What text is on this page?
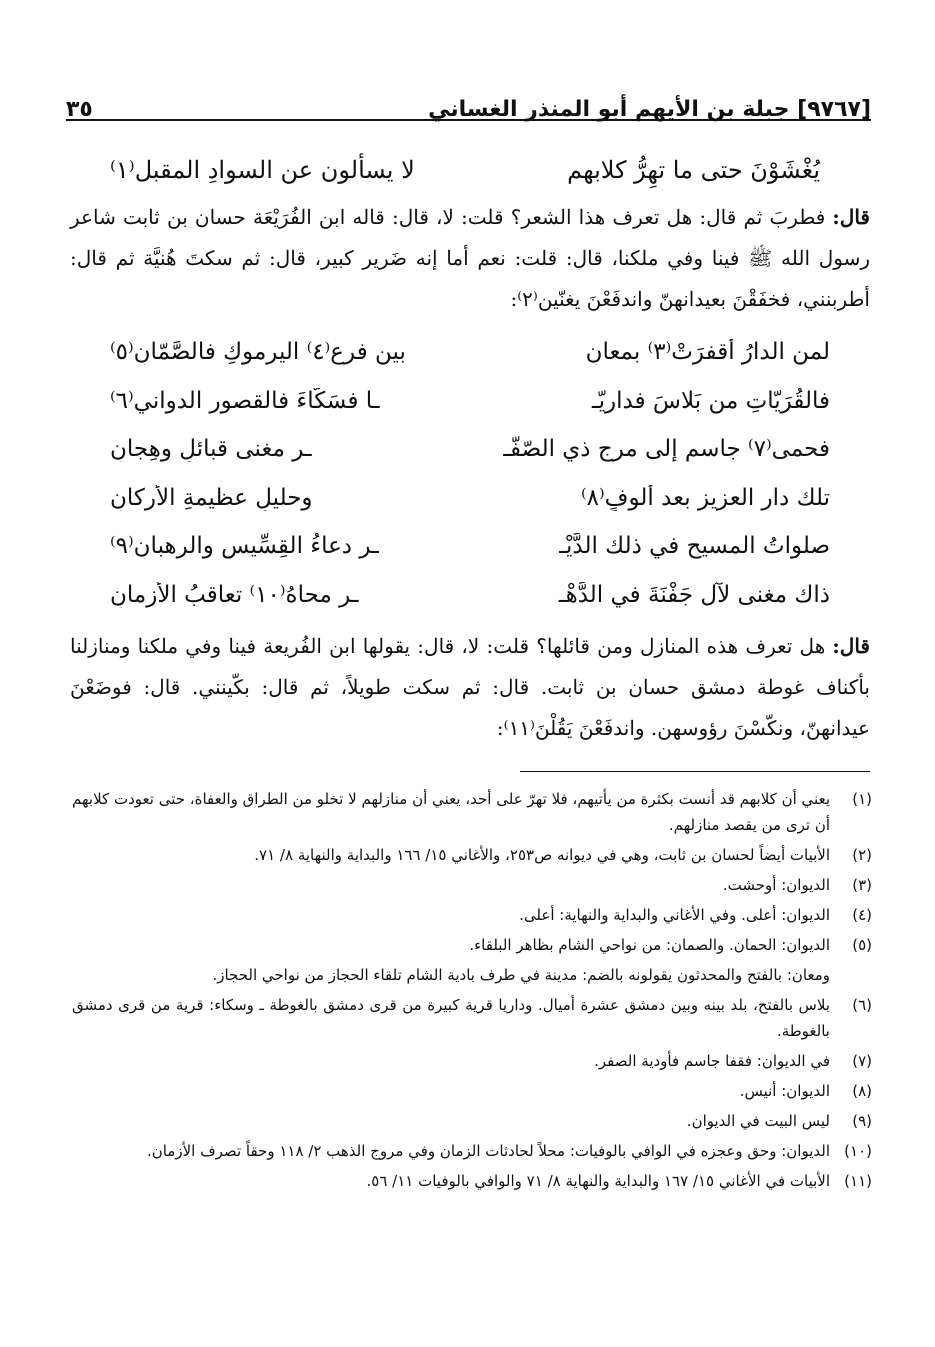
[٩٧٦٧] جبلة بن الأيهم أبو المنذر الغساني
٣٥
يُغْشَوْنَ حتى ما تهِرُّ كلابهم
لا يسألون عن السوادِ المقبل⁽١⁾
قال: فطربَ ثم قال: هل تعرف هذا الشعر؟ قلت: لا، قال: قاله ابن الفُرَيْعَة حسان بن ثابت شاعر رسول الله ﷺ فينا وفي ملكنا، قال: قلت: نعم أما إنه ضَرير كبير، قال: ثم سكتَ هُنيَّة ثم قال: أطربنني، فخفَقْنَ بعيدانهنّ واندفَعْنَ يغنّين⁽٢⁾:
لمن الدارُ أقفرَتْ⁽٣⁾ بمعانِ
بين فرعٍ⁽٤⁾ اليرموكِ فالصَّمّانِ⁽٥⁾
فالقُرَيّاتِ من بَلاسَ فداريّـ
ـا فسَكّاءَ فالقصورِ الدواني⁽٦⁾
فحمى⁽٧⁾ جاسم إلى مرج ذي الصّفّـ
ـرِ مغنى قبائلٍ وهِجانِ
تلك دار العزيزِ بعد ألوفٍ⁽٨⁾
وحليلٍ عظيمةِ الأركانِ
صلواتُ المسيح في ذلك الدَّيْـ
ـرِ دعاءُ القِسِّيسِ والرهبانِ⁽٩⁾
ذاك مغنى لآل جَفْنَةَ في الدَّهْـ
ـرِ محاهُ⁽١٠⁾ تعاقبُ الأزمانِ
قال: هل تعرف هذه المنازل ومن قائلها؟ قلت: لا، قال: يقولها ابن الفُريعة فينا وفي ملكنا ومنازلنا بأكناف غوطة دمشق حسان بن ثابت. قال: ثم سكت طويلاً، ثم قال: بكّينني. قال: فوضَعْنَ عيدانهنّ، ونكّسْنَ رؤوسهن. واندفَعْنَ يَقُلْنَ⁽١١⁾:
(١)
يعني أن كلابهم قد أنست بكثرة من يأتيهم، فلا تهرّ على أحد، يعني أن منازلهم لا تخلو من الطراق والعفاة، حتى تعودت كلابهم أن ترى من يقصد منازلهم.
(٢)
الأبيات أيضاً لحسان بن ثابت، وهي في ديوانه ص٢٥٣، والأغاني ١٥/ ١٦٦ والبداية والنهاية ٨/ ٧١.
(٣)
الديوان: أوحشت.
(٤)
الديوان: أعلى. وفي الأغاني والبداية والنهاية: أعلى.
(٥)
الديوان: الحمان. والصمان: من نواحي الشام بظاهر البلقاء.
ومعان: بالفتح والمحدثون يقولونه بالضم: مدينة في طرف بادية الشام تلقاء الحجاز من نواحي الحجاز.
(٦)
بلاس بالفتح، بلد بينه وبين دمشق عشرة أميال. وداريا قرية كبيرة من قرى دمشق بالغوطة ـ وسكاء: قرية من قرى دمشق بالغوطة.
(٧)
في الديوان: فقفا جاسم فأودية الصفر.
(٨)
الديوان: أنيس.
(٩)
ليس البيت في الديوان.
(١٠)
الديوان: وحق وعجزه في الوافي بالوفيات: محلاً لحادثات الزمان وفي مروج الذهب ٢/ ١١٨ وحقاً تصرف الأزمان.
(١١)
الأبيات في الأغاني ١٥/ ١٦٧ والبداية والنهاية ٨/ ٧١ والوافي بالوفيات ١١/ ٥٦.
